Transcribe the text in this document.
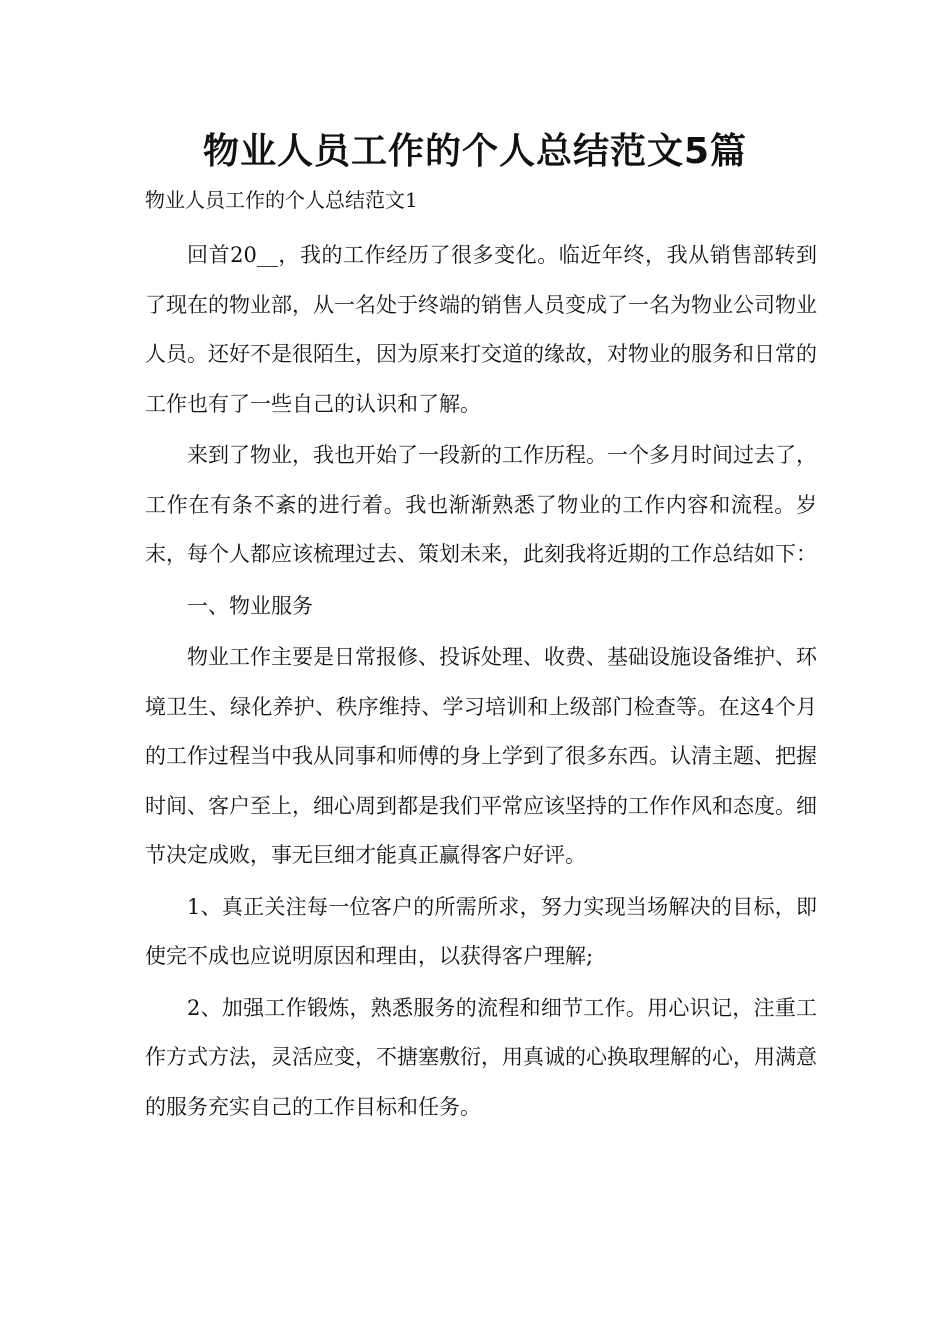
物业人员工作的个人总结范文5篇

物业人员工作的个人总结范文1

回首20__，我的工作经历了很多变化。临近年终，我从销售部转到了现在的物业部，从一名处于终端的销售人员变成了一名为物业公司物业人员。还好不是很陌生，因为原来打交道的缘故，对物业的服务和日常的工作也有了一些自己的认识和了解。

来到了物业，我也开始了一段新的工作历程。一个多月时间过去了，工作在有条不紊的进行着。我也渐渐熟悉了物业的工作内容和流程。岁末，每个人都应该梳理过去、策划未来，此刻我将近期的工作总结如下：

一、物业服务

物业工作主要是日常报修、投诉处理、收费、基础设施设备维护、环境卫生、绿化养护、秩序维持、学习培训和上级部门检查等。在这4个月的工作过程当中我从同事和师傅的身上学到了很多东西。认清主题、把握时间、客户至上，细心周到都是我们平常应该坚持的工作作风和态度。细节决定成败，事无巨细才能真正赢得客户好评。

1、真正关注每一位客户的所需所求，努力实现当场解决的目标，即使完不成也应说明原因和理由，以获得客户理解;

2、加强工作锻炼，熟悉服务的流程和细节工作。用心识记，注重工作方式方法，灵活应变，不搪塞敷衍，用真诚的心换取理解的心，用满意的服务充实自己的工作目标和任务。
